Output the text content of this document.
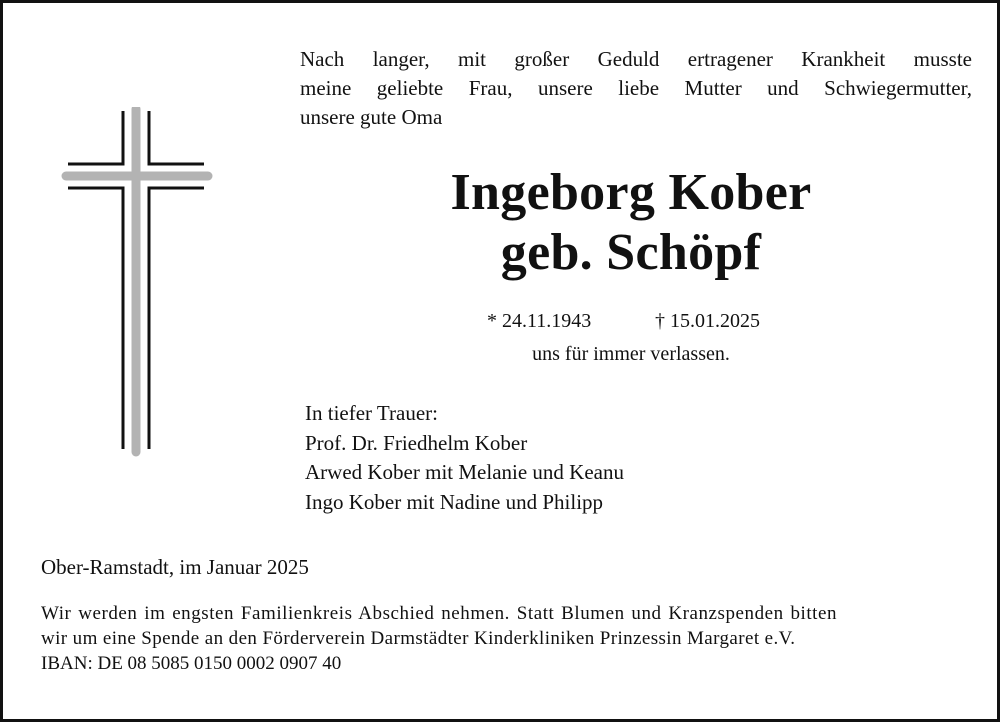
Nach langer, mit großer Geduld ertragener Krankheit musste
meine geliebte Frau, unsere liebe Mutter und Schwiegermutter,
unsere gute Oma
Ingeborg Kober
geb. Schöpf
* 24.11.1943	† 15.01.2025
uns für immer verlassen.
In tiefer Trauer:
Prof. Dr. Friedhelm Kober
Arwed Kober mit Melanie und Keanu
Ingo Kober mit Nadine und Philipp
Ober-Ramstadt, im Januar 2025
Wir werden im engsten Familienkreis Abschied nehmen. Statt Blumen und Kranzspenden bitten
wir um eine Spende an den Förderverein Darmstädter Kinderkliniken Prinzessin Margaret e.V.
IBAN: DE 08 5085 0150 0002 0907 40
